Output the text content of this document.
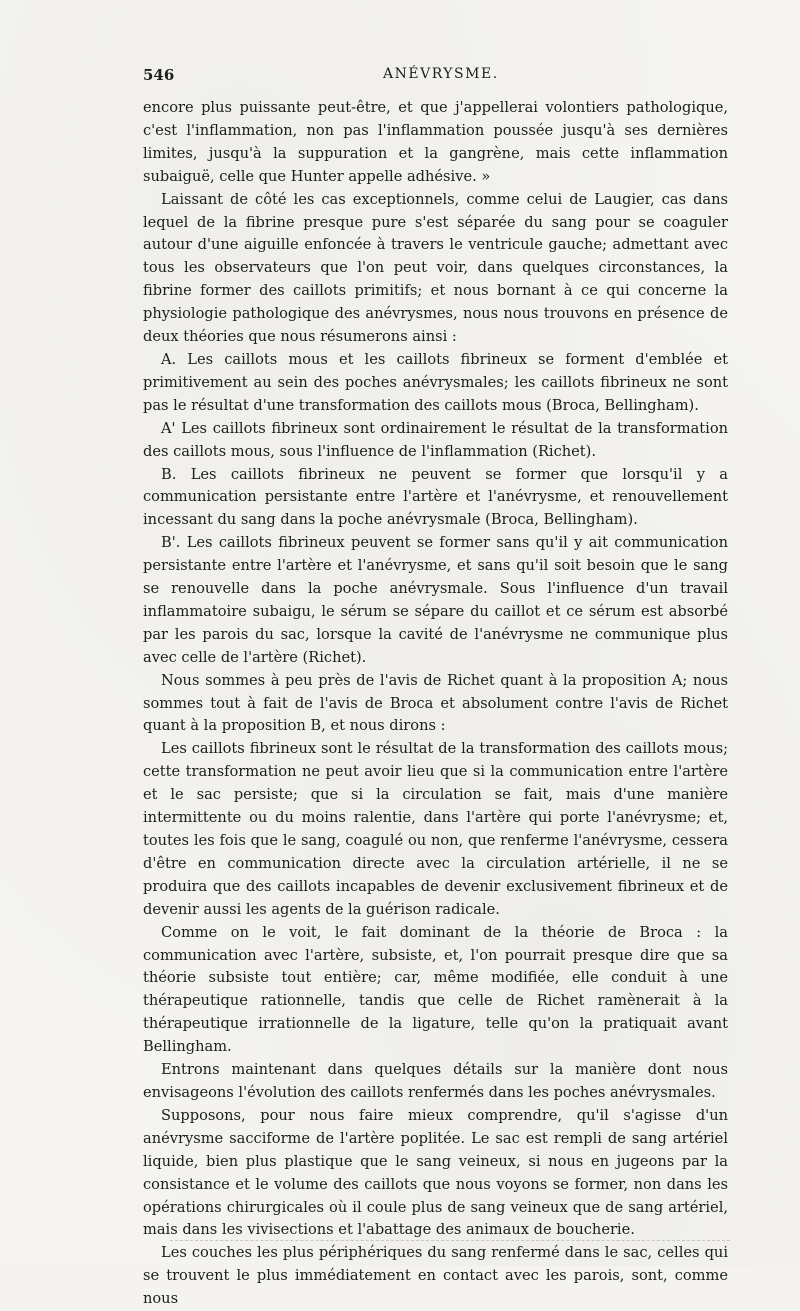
546	ANÉVRYSME.

encore plus puissante peut-être, et que j'appellerai volontiers pathologique, c'est l'inflammation, non pas l'inflammation poussée jusqu'à ses dernières limites, jusqu'à la suppuration et la gangrène, mais cette inflammation subaiguë, celle que Hunter appelle adhésive. »

Laissant de côté les cas exceptionnels, comme celui de Laugier, cas dans lequel de la fibrine presque pure s'est séparée du sang pour se coaguler autour d'une aiguille enfoncée à travers le ventricule gauche; admettant avec tous les observateurs que l'on peut voir, dans quelques circonstances, la fibrine former des caillots primitifs; et nous bornant à ce qui concerne la physiologie pathologique des anévrysmes, nous nous trouvons en présence de deux théories que nous résumerons ainsi :

A. Les caillots mous et les caillots fibrineux se forment d'emblée et primitivement au sein des poches anévrysmales; les caillots fibrineux ne sont pas le résultat d'une transformation des caillots mous (Broca, Bellingham).

A' Les caillots fibrineux sont ordinairement le résultat de la transformation des caillots mous, sous l'influence de l'inflammation (Richet).

B. Les caillots fibrineux ne peuvent se former que lorsqu'il y a communication persistante entre l'artère et l'anévrysme, et renouvellement incessant du sang dans la poche anévrysmale (Broca, Bellingham).

B'. Les caillots fibrineux peuvent se former sans qu'il y ait communication persistante entre l'artère et l'anévrysme, et sans qu'il soit besoin que le sang se renouvelle dans la poche anévrysmale. Sous l'influence d'un travail inflammatoire subaigu, le sérum se sépare du caillot et ce sérum est absorbé par les parois du sac, lorsque la cavité de l'anévrysme ne communique plus avec celle de l'artère (Richet).

Nous sommes à peu près de l'avis de Richet quant à la proposition A; nous sommes tout à fait de l'avis de Broca et absolument contre l'avis de Richet quant à la proposition B, et nous dirons :

Les caillots fibrineux sont le résultat de la transformation des caillots mous; cette transformation ne peut avoir lieu que si la communication entre l'artère et le sac persiste; que si la circulation se fait, mais d'une manière intermittente ou du moins ralentie, dans l'artère qui porte l'anévrysme; et, toutes les fois que le sang, coagulé ou non, que renferme l'anévrysme, cessera d'être en communication directe avec la circulation artérielle, il ne se produira que des caillots incapables de devenir exclusivement fibrineux et de devenir aussi les agents de la guérison radicale.

Comme on le voit, le fait dominant de la théorie de Broca : la communication avec l'artère, subsiste, et, l'on pourrait presque dire que sa théorie subsiste tout entière; car, même modifiée, elle conduit à une thérapeutique rationnelle, tandis que celle de Richet ramènerait à la thérapeutique irrationnelle de la ligature, telle qu'on la pratiquait avant Bellingham.

Entrons maintenant dans quelques détails sur la manière dont nous envisageons l'évolution des caillots renfermés dans les poches anévrysmales.

Supposons, pour nous faire mieux comprendre, qu'il s'agisse d'un anévrysme sacciforme de l'artère poplitée. Le sac est rempli de sang artériel liquide, bien plus plastique que le sang veineux, si nous en jugeons par la consistance et le volume des caillots que nous voyons se former, non dans les opérations chirurgicales où il coule plus de sang veineux que de sang artériel, mais dans les vivisections et l'abattage des animaux de boucherie.

Les couches les plus périphériques du sang renfermé dans le sac, celles qui se trouvent le plus immédiatement en contact avec les parois, sont, comme nous
